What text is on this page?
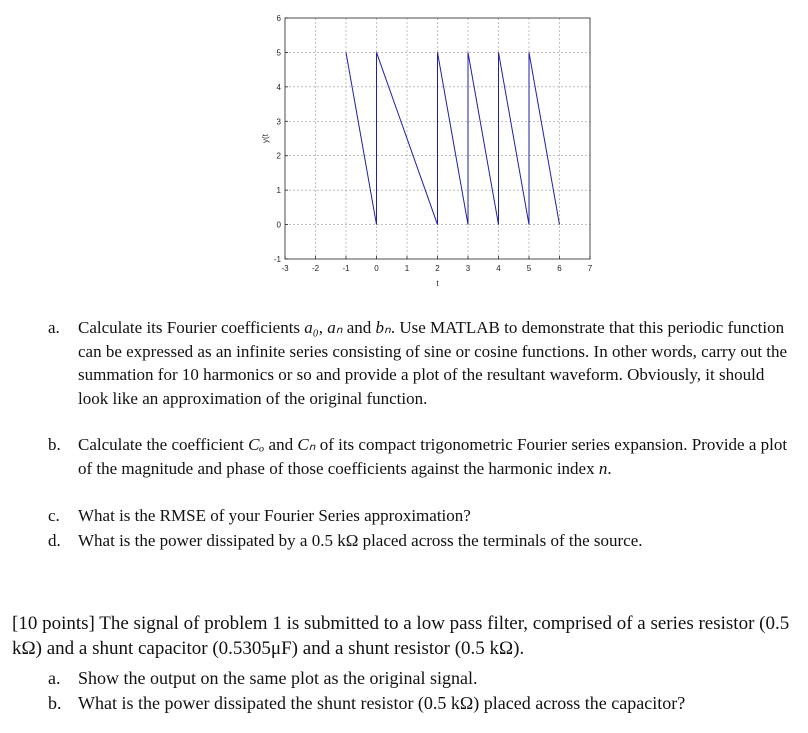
-3	-2	-1	0	1	2	3	4	5	6	7
-1
0
1
2
3
4
5
6
t
y(t
a. Calculate its Fourier coefficients a₀, aₙ and bₙ. Use MATLAB to demonstrate that this periodic function can be expressed as an infinite series consisting of sine or cosine functions. In other words, carry out the summation for 10 harmonics or so and provide a plot of the resultant waveform. Obviously, it should look like an approximation of the original function.
b. Calculate the coefficient Cₒ and Cₙ of its compact trigonometric Fourier series expansion. Provide a plot of the magnitude and phase of those coefficients against the harmonic index n.
c. What is the RMSE of your Fourier Series approximation?
d. What is the power dissipated by a 0.5 kΩ placed across the terminals of the source.
[10 points] The signal of problem 1 is submitted to a low pass filter, comprised of a series resistor (0.5 kΩ) and a shunt capacitor (0.5305μF) and a shunt resistor (0.5 kΩ).
a. Show the output on the same plot as the original signal.
b. What is the power dissipated the shunt resistor (0.5 kΩ) placed across the capacitor?
